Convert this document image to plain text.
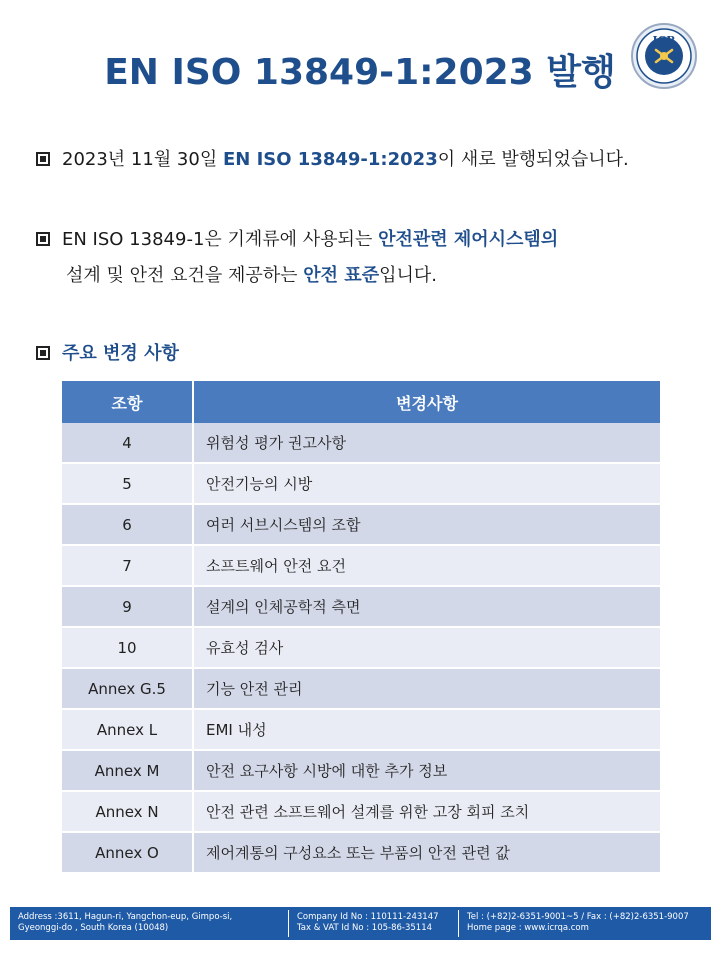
EN ISO 13849-1:2023 발행
ICR
2023년 11월 30일 EN ISO 13849-1:2023이 새로 발행되었습니다.
EN ISO 13849-1은 기계류에 사용되는 안전관련 제어시스템의
설계 및 안전 요건을 제공하는 안전 표준입니다.
주요 변경 사항
조항	변경사항
4	위험성 평가 권고사항
5	안전기능의 시방
6	여러 서브시스템의 조합
7	소프트웨어 안전 요건
9	설계의 인체공학적 측면
10	유효성 검사
Annex G.5	기능 안전 관리
Annex L	EMI 내성
Annex M	안전 요구사항 시방에 대한 추가 정보
Annex N	안전 관련 소프트웨어 설계를 위한 고장 회피 조치
Annex O	제어계통의 구성요소 또는 부품의 안전 관련 값
Address :3611, Hagun-ri, Yangchon-eup, Gimpo-si,
Gyeonggi-do , South Korea (10048)
Company Id No : 110111-243147
Tax & VAT Id No : 105-86-35114
Tel : (+82)2-6351-9001~5 / Fax : (+82)2-6351-9007
Home page : www.icrqa.com
